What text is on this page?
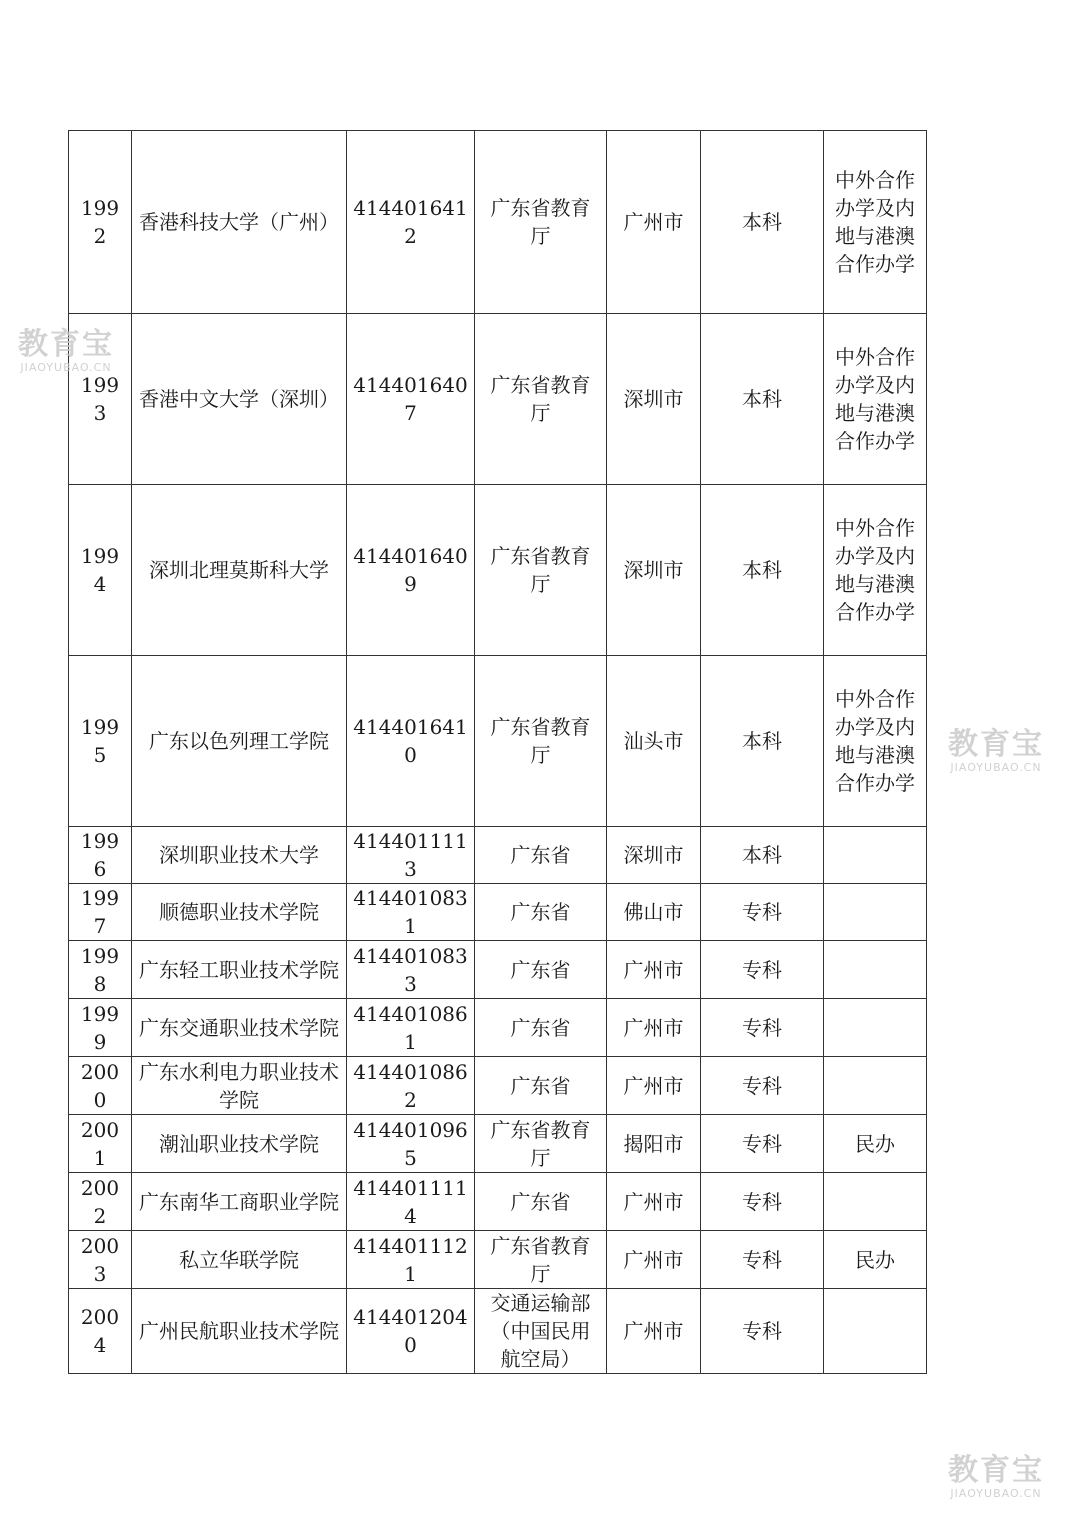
1992	香港科技大学（广州）	4144016412	广东省教育厅	广州市	本科	中外合作办学及内地与港澳合作办学
1993	香港中文大学（深圳）	4144016407	广东省教育厅	深圳市	本科	中外合作办学及内地与港澳合作办学
1994	深圳北理莫斯科大学	4144016409	广东省教育厅	深圳市	本科	中外合作办学及内地与港澳合作办学
1995	广东以色列理工学院	4144016410	广东省教育厅	汕头市	本科	中外合作办学及内地与港澳合作办学
1996	深圳职业技术大学	4144011113	广东省	深圳市	本科	
1997	顺德职业技术学院	4144010831	广东省	佛山市	专科	
1998	广东轻工职业技术学院	4144010833	广东省	广州市	专科	
1999	广东交通职业技术学院	4144010861	广东省	广州市	专科	
2000	广东水利电力职业技术学院	4144010862	广东省	广州市	专科	
2001	潮汕职业技术学院	4144010965	广东省教育厅	揭阳市	专科	民办
2002	广东南华工商职业学院	4144011114	广东省	广州市	专科	
2003	私立华联学院	4144011121	广东省教育厅	广州市	专科	民办
2004	广州民航职业技术学院	4144012040	交通运输部（中国民用航空局）	广州市	专科	
教育宝
JIAOYUBAO.CN
教育宝
JIAOYUBAO.CN
教育宝
JIAOYUBAO.CN
